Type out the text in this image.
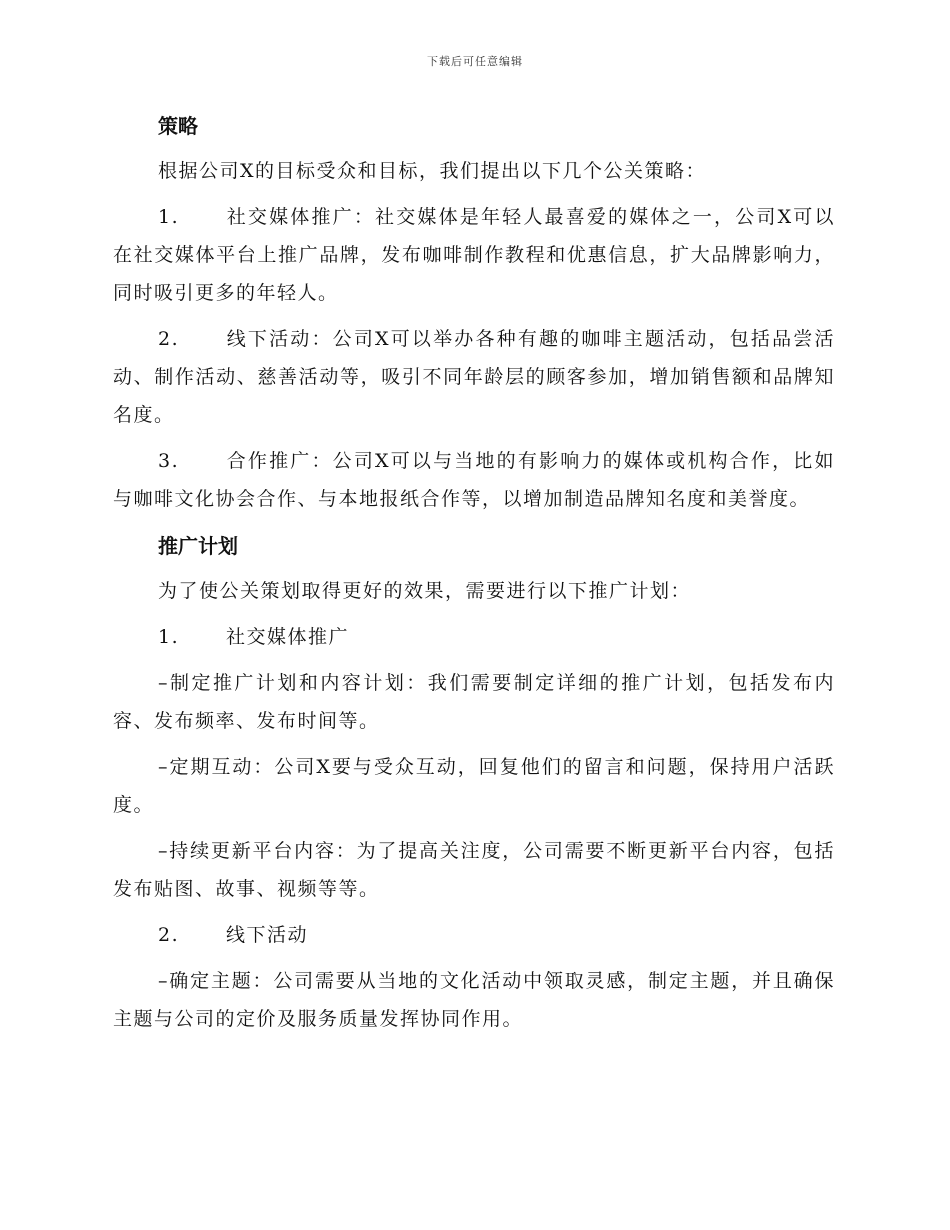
下载后可任意编辑
策略

根据公司X的目标受众和目标，我们提出以下几个公关策略：

1. 社交媒体推广：社交媒体是年轻人最喜爱的媒体之一，公司X可以在社交媒体平台上推广品牌，发布咖啡制作教程和优惠信息，扩大品牌影响力，同时吸引更多的年轻人。

2. 线下活动：公司X可以举办各种有趣的咖啡主题活动，包括品尝活动、制作活动、慈善活动等，吸引不同年龄层的顾客参加，增加销售额和品牌知名度。

3. 合作推广：公司X可以与当地的有影响力的媒体或机构合作，比如与咖啡文化协会合作、与本地报纸合作等，以增加制造品牌知名度和美誉度。

推广计划

为了使公关策划取得更好的效果，需要进行以下推广计划：

1. 社交媒体推广

–制定推广计划和内容计划：我们需要制定详细的推广计划，包括发布内容、发布频率、发布时间等。

–定期互动：公司X要与受众互动，回复他们的留言和问题，保持用户活跃度。

–持续更新平台内容：为了提高关注度，公司需要不断更新平台内容，包括发布贴图、故事、视频等等。

2. 线下活动

–确定主题：公司需要从当地的文化活动中领取灵感，制定主题，并且确保主题与公司的定价及服务质量发挥协同作用。
